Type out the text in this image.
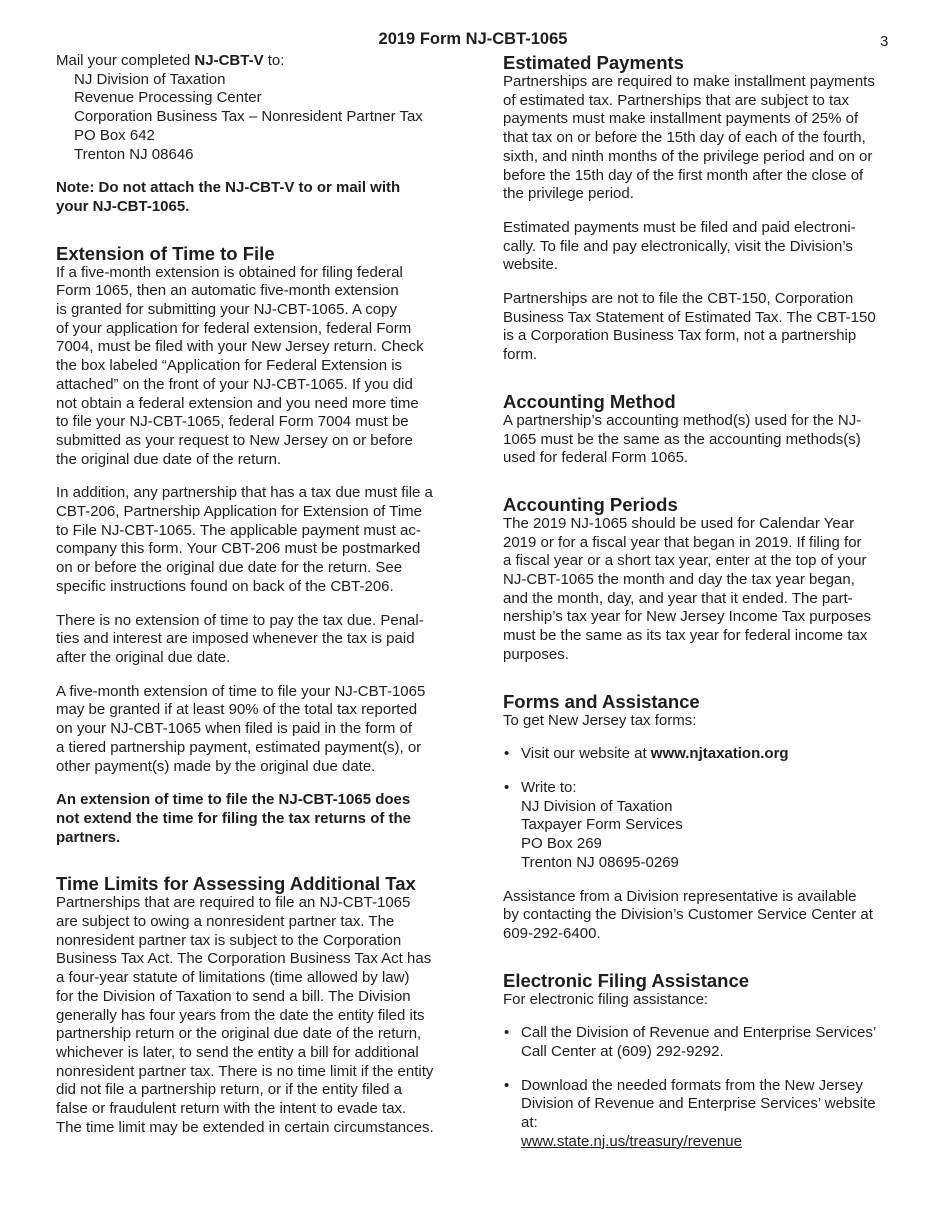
2019 Form NJ-CBT-1065	3

Mail your completed NJ-CBT-V to:

NJ Division of Taxation
Revenue Processing Center
Corporation Business Tax – Nonresident Partner Tax
PO Box 642
Trenton NJ 08646

Note: Do not attach the NJ-CBT-V to or mail with
your NJ-CBT-1065.

Extension of Time to File

If a five-month extension is obtained for filing federal
Form 1065, then an automatic five-month extension
is granted for submitting your NJ-CBT-1065. A copy
of your application for federal extension, federal Form
7004, must be filed with your New Jersey return. Check
the box labeled “Application for Federal Extension is
attached” on the front of your NJ-CBT-1065. If you did
not obtain a federal extension and you need more time
to file your NJ-CBT-1065, federal Form 7004 must be
submitted as your request to New Jersey on or before
the original due date of the return.

In addition, any partnership that has a tax due must file a
CBT-206, Partnership Application for Extension of Time
to File NJ-CBT-1065. The applicable payment must ac-
company this form. Your CBT-206 must be postmarked
on or before the original due date for the return. See
specific instructions found on back of the CBT-206.

There is no extension of time to pay the tax due. Penal-
ties and interest are imposed whenever the tax is paid
after the original due date.

A five-month extension of time to file your NJ-CBT-1065
may be granted if at least 90% of the total tax reported
on your NJ-CBT-1065 when filed is paid in the form of
a tiered partnership payment, estimated payment(s), or
other payment(s) made by the original due date.

An extension of time to file the NJ-CBT-1065 does
not extend the time for filing the tax returns of the
partners.

Time Limits for Assessing Additional Tax

Partnerships that are required to file an NJ-CBT-1065
are subject to owing a nonresident partner tax. The
nonresident partner tax is subject to the Corporation
Business Tax Act. The Corporation Business Tax Act has
a four-year statute of limitations (time allowed by law)
for the Division of Taxation to send a bill. The Division
generally has four years from the date the entity filed its
partnership return or the original due date of the return,
whichever is later, to send the entity a bill for additional
nonresident partner tax. There is no time limit if the entity
did not file a partnership return, or if the entity filed a
false or fraudulent return with the intent to evade tax.
The time limit may be extended in certain circumstances.

Estimated Payments

Partnerships are required to make installment payments
of estimated tax. Partnerships that are subject to tax
payments must make installment payments of 25% of
that tax on or before the 15th day of each of the fourth,
sixth, and ninth months of the privilege period and on or
before the 15th day of the first month after the close of
the privilege period.

Estimated payments must be filed and paid electroni-
cally. To file and pay electronically, visit the Division’s
website.

Partnerships are not to file the CBT-150, Corporation
Business Tax Statement of Estimated Tax. The CBT-150
is a Corporation Business Tax form, not a partnership
form.

Accounting Method

A partnership’s accounting method(s) used for the NJ-
1065 must be the same as the accounting methods(s)
used for federal Form 1065.

Accounting Periods

The 2019 NJ-1065 should be used for Calendar Year
2019 or for a fiscal year that began in 2019. If filing for
a fiscal year or a short tax year, enter at the top of your
NJ-CBT-1065 the month and day the tax year began,
and the month, day, and year that it ended. The part-
nership’s tax year for New Jersey Income Tax purposes
must be the same as its tax year for federal income tax
purposes.

Forms and Assistance

To get New Jersey tax forms:

• Visit our website at www.njtaxation.org
• Write to:
NJ Division of Taxation
Taxpayer Form Services
PO Box 269
Trenton NJ 08695-0269

Assistance from a Division representative is available
by contacting the Division’s Customer Service Center at
609-292-6400.

Electronic Filing Assistance

For electronic filing assistance:

• Call the Division of Revenue and Enterprise Services’
Call Center at (609) 292-9292.
• Download the needed formats from the New Jersey
Division of Revenue and Enterprise Services’ website
at:
www.state.nj.us/treasury/revenue
